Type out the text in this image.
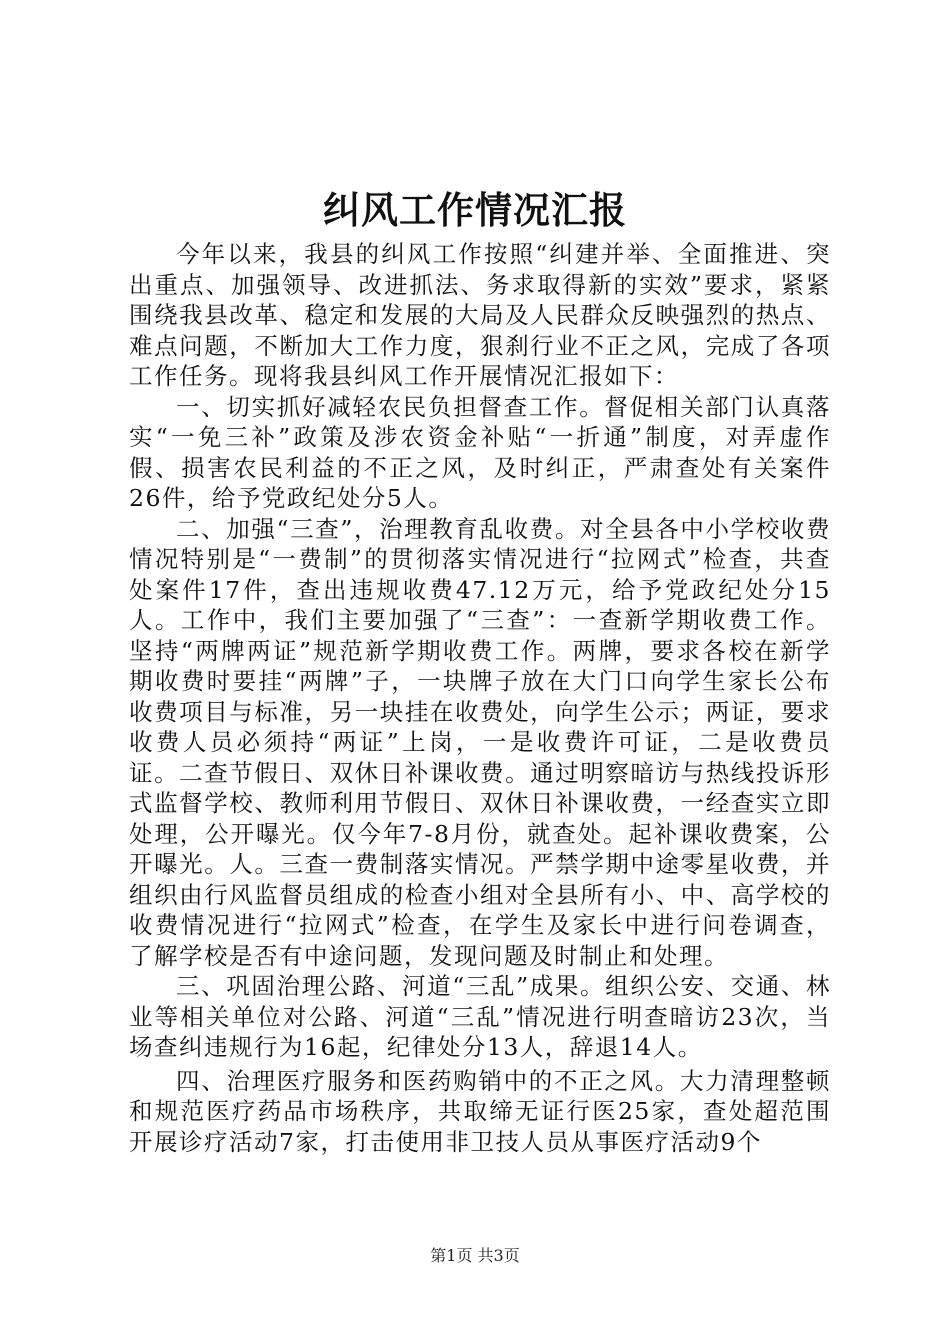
纠风工作情况汇报

今年以来，我县的纠风工作按照“纠建并举、全面推进、突出重点、加强领导、改进抓法、务求取得新的实效”要求，紧紧围绕我县改革、稳定和发展的大局及人民群众反映强烈的热点、难点问题，不断加大工作力度，狠刹行业不正之风，完成了各项工作任务。现将我县纠风工作开展情况汇报如下：

一、切实抓好减轻农民负担督查工作。督促相关部门认真落实“一免三补”政策及涉农资金补贴“一折通”制度，对弄虚作假、损害农民利益的不正之风，及时纠正，严肃查处有关案件26件，给予党政纪处分5人。

二、加强“三查”，治理教育乱收费。对全县各中小学校收费情况特别是“一费制”的贯彻落实情况进行“拉网式”检查，共查处案件17件，查出违规收费47.12万元，给予党政纪处分15人。工作中，我们主要加强了“三查”：一查新学期收费工作。坚持“两牌两证”规范新学期收费工作。两牌，要求各校在新学期收费时要挂“两牌”子，一块牌子放在大门口向学生家长公布收费项目与标准，另一块挂在收费处，向学生公示；两证，要求收费人员必须持“两证”上岗，一是收费许可证，二是收费员证。二查节假日、双休日补课收费。通过明察暗访与热线投诉形式监督学校、教师利用节假日、双休日补课收费，一经查实立即处理，公开曝光。仅今年7-8月份，就查处。起补课收费案，公开曝光。人。三查一费制落实情况。严禁学期中途零星收费，并组织由行风监督员组成的检查小组对全县所有小、中、高学校的收费情况进行“拉网式”检查，在学生及家长中进行问卷调查，了解学校是否有中途问题，发现问题及时制止和处理。

三、巩固治理公路、河道“三乱”成果。组织公安、交通、林业等相关单位对公路、河道“三乱”情况进行明查暗访23次，当场查纠违规行为16起，纪律处分13人，辞退14人。

四、治理医疗服务和医药购销中的不正之风。大力清理整顿和规范医疗药品市场秩序，共取缔无证行医25家，查处超范围开展诊疗活动7家，打击使用非卫技人员从事医疗活动9个

第1页 共3页
